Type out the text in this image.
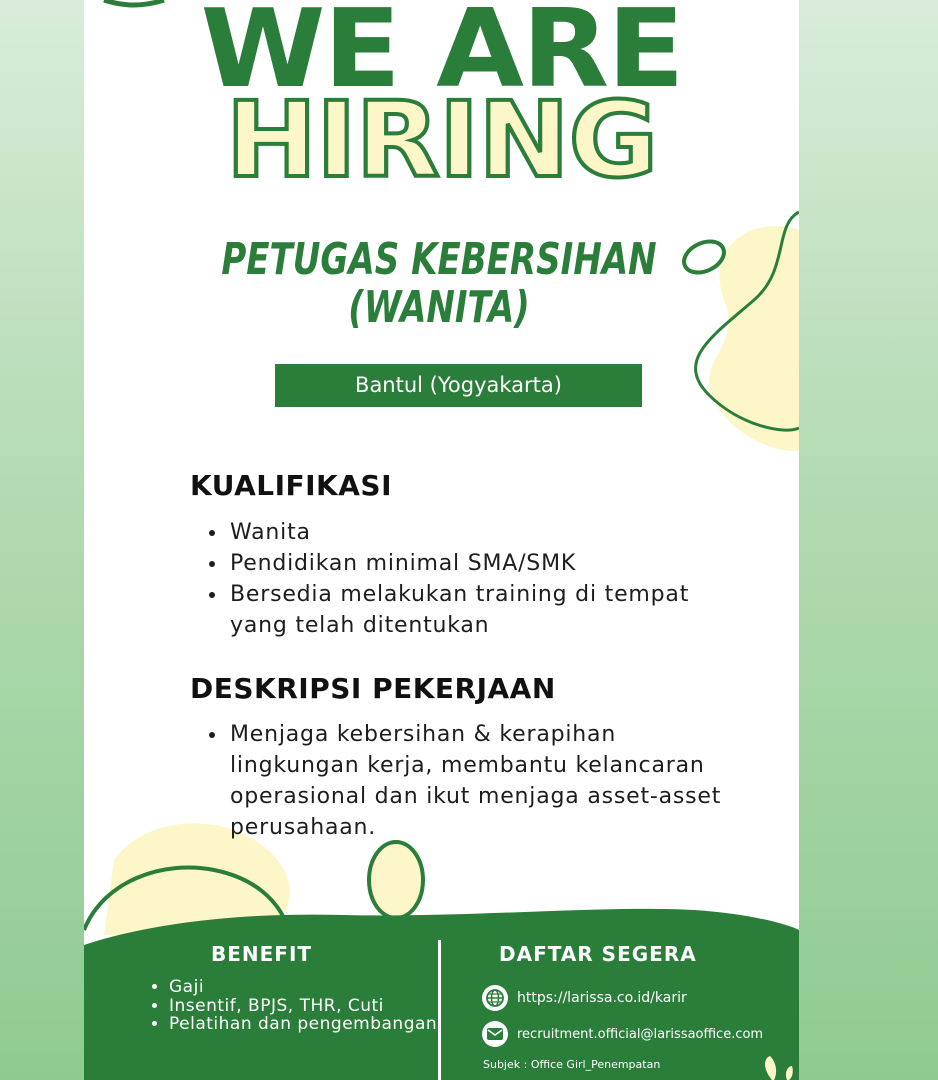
WE ARE
HIRING
PETUGAS KEBERSIHAN
(WANITA)
Bantul (Yogyakarta)
KUALIFIKASI
• Wanita
• Pendidikan minimal SMA/SMK
• Bersedia melakukan training di tempat yang telah ditentukan
DESKRIPSI PEKERJAAN
• Menjaga kebersihan & kerapihan lingkungan kerja, membantu kelancaran operasional dan ikut menjaga asset-asset perusahaan.
BENEFIT
• Gaji
• Insentif, BPJS, THR, Cuti
• Pelatihan dan pengembangan
DAFTAR SEGERA
https://larissa.co.id/karir
recruitment.official@larissaoffice.com
Subjek : Office Girl_Penempatan
